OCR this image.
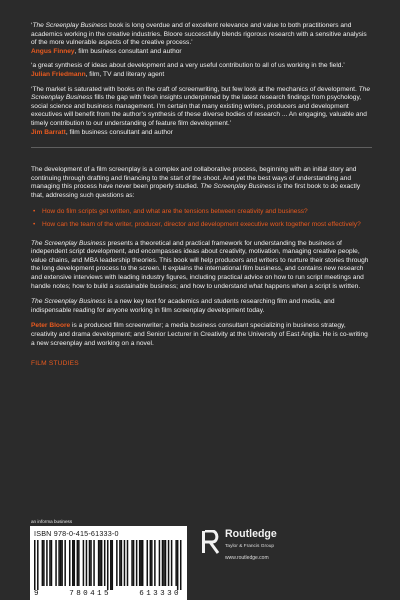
‘The Screenplay Business book is long overdue and of excellent relevance and value to both practitioners and academics working in the creative industries. Bloore successfully blends rigorous research with a sensitive analysis of the more vulnerable aspects of the creative process.’
Angus Finney, film business consultant and author
‘a great synthesis of ideas about development and a very useful contribution to all of us working in the field.’
Julian Friedmann, film, TV and literary agent
‘The market is saturated with books on the craft of screenwriting, but few look at the mechanics of development. The Screenplay Business fills the gap with fresh insights underpinned by the latest research findings from psychology, social science and business management. I’m certain that many existing writers, producers and development executives will benefit from the author’s synthesis of these diverse bodies of research ... An engaging, valuable and timely contribution to our understanding of feature film development.’
Jim Barratt, film business consultant and author

The development of a film screenplay is a complex and collaborative process, beginning with an initial story and continuing through drafting and financing to the start of the shoot. And yet the best ways of understanding and managing this process have never been properly studied. The Screenplay Business is the first book to do exactly that, addressing such questions as:

• How do film scripts get written, and what are the tensions between creativity and business?
• How can the team of the writer, producer, director and development executive work together most effectively?

The Screenplay Business presents a theoretical and practical framework for understanding the business of independent script development, and encompasses ideas about creativity, motivation, managing creative people, value chains, and MBA leadership theories. This book will help producers and writers to nurture their stories through the long development process to the screen. It explains the international film business, and contains new research and extensive interviews with leading industry figures, including practical advice on how to run script meetings and handle notes; how to build a sustainable business; and how to understand what happens when a script is written.

The Screenplay Business is a new key text for academics and students researching film and media, and indispensable reading for anyone working in film screenplay development today.

Peter Bloore is a produced film screenwriter; a media business consultant specializing in business strategy, creativity and drama development; and Senior Lecturer in Creativity at the University of East Anglia. He is co-writing a new screenplay and working on a novel.

FILM STUDIES
an informa business
ISBN 978-0-415-61333-0
9	780415	613330
Routledge
Taylor & Francis Group
www.routledge.com
